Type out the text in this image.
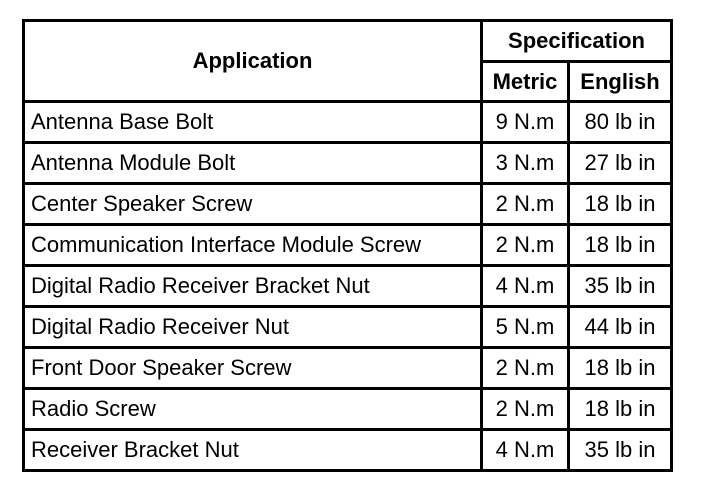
Application	Specification	
	Metric	English
Antenna Base Bolt	9 N.m	80 lb in
Antenna Module Bolt	3 N.m	27 lb in
Center Speaker Screw	2 N.m	18 lb in
Communication Interface Module Screw	2 N.m	18 lb in
Digital Radio Receiver Bracket Nut	4 N.m	35 lb in
Digital Radio Receiver Nut	5 N.m	44 lb in
Front Door Speaker Screw	2 N.m	18 lb in
Radio Screw	2 N.m	18 lb in
Receiver Bracket Nut	4 N.m	35 lb in
